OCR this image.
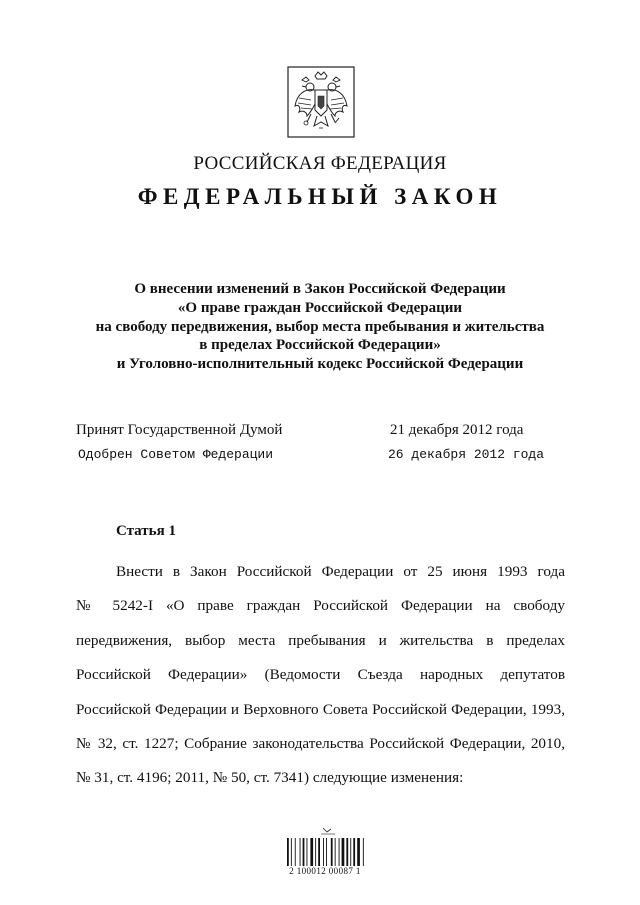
РОССИЙСКАЯ ФЕДЕРАЦИЯ
ФЕДЕРАЛЬНЫЙ ЗАКОН
О внесении изменений в Закон Российской Федерации
«О праве граждан Российской Федерации
на свободу передвижения, выбор места пребывания и жительства
в пределах Российской Федерации»
и Уголовно-исполнительный кодекс Российской Федерации
Принят Государственной Думой	21 декабря 2012 года
Одобрен Советом Федерации	26 декабря 2012 года
Статья 1
Внести в Закон Российской Федерации от 25 июня 1993 года
№ 5242-I «О праве граждан Российской Федерации на свободу
передвижения, выбор места пребывания и жительства в пределах
Российской Федерации» (Ведомости Съезда народных депутатов
Российской Федерации и Верховного Совета Российской Федерации, 1993,
№ 32, ст. 1227; Собрание законодательства Российской Федерации, 2010,
№ 31, ст. 4196; 2011, № 50, ст. 7341) следующие изменения:
2 100012 00087 1
